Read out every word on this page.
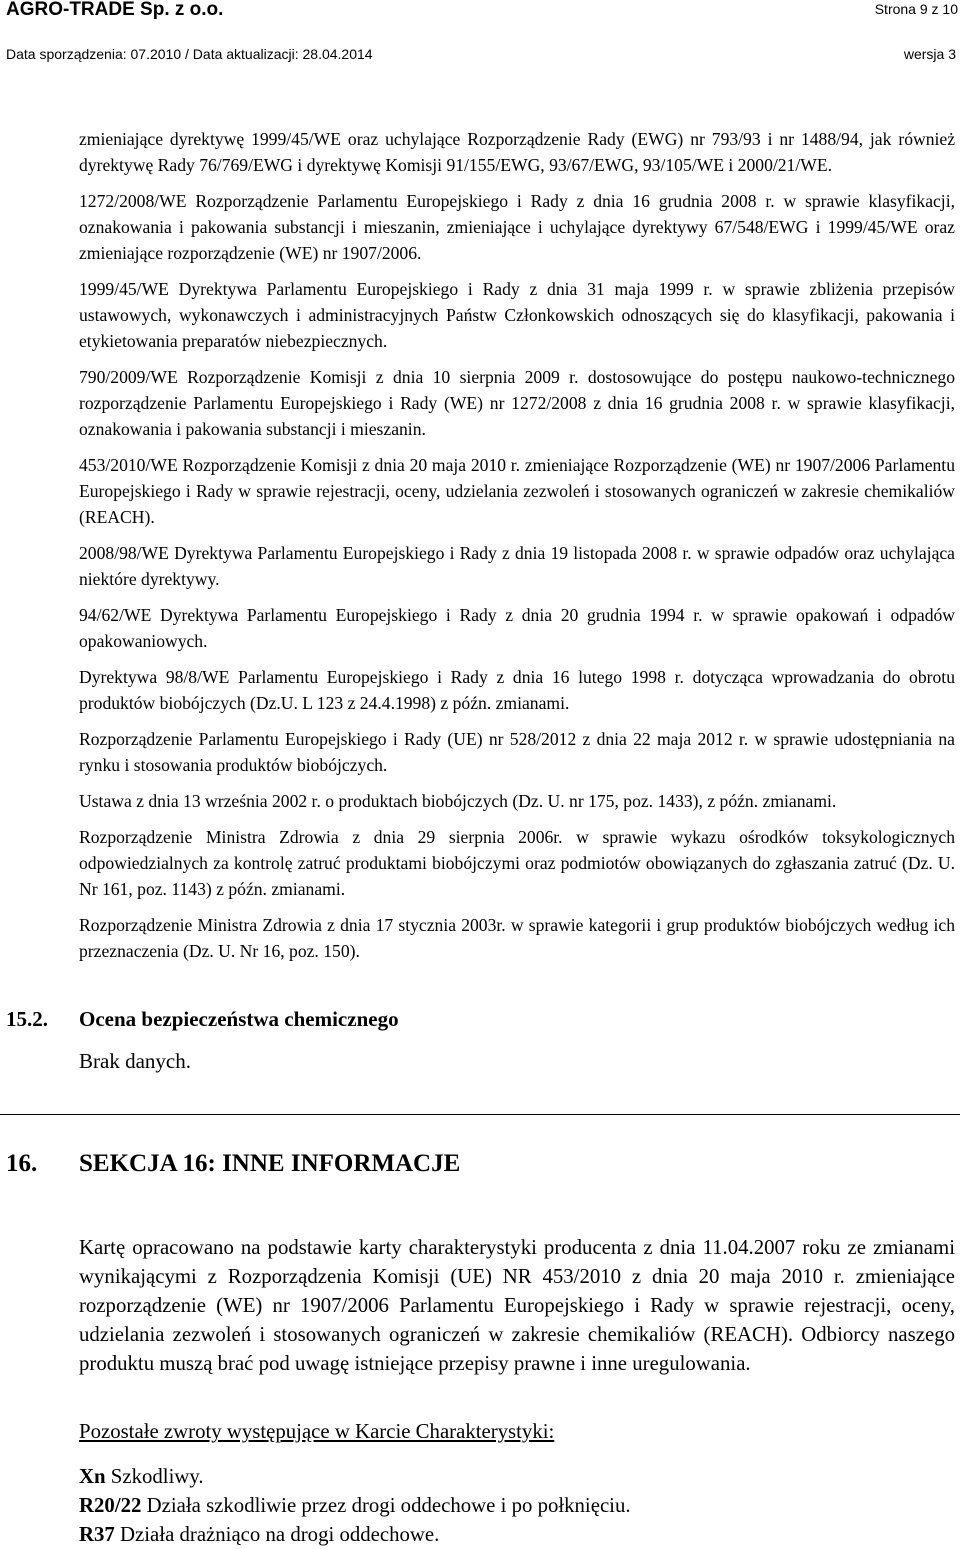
AGRO-TRADE Sp. z o.o.	Strona 9 z 10
Data sporządzenia: 07.2010 / Data aktualizacji: 28.04.2014	wersja 3

zmieniające dyrektywę 1999/45/WE oraz uchylające Rozporządzenie Rady (EWG) nr 793/93 i nr 1488/94, jak również dyrektywę Rady 76/769/EWG i dyrektywę Komisji 91/155/EWG, 93/67/EWG, 93/105/WE i 2000/21/WE.

1272/2008/WE Rozporządzenie Parlamentu Europejskiego i Rady z dnia 16 grudnia 2008 r. w sprawie klasyfikacji, oznakowania i pakowania substancji i mieszanin, zmieniające i uchylające dyrektywy 67/548/EWG i 1999/45/WE oraz zmieniające rozporządzenie (WE) nr 1907/2006.

1999/45/WE Dyrektywa Parlamentu Europejskiego i Rady z dnia 31 maja 1999 r. w sprawie zbliżenia przepisów ustawowych, wykonawczych i administracyjnych Państw Członkowskich odnoszących się do klasyfikacji, pakowania i etykietowania preparatów niebezpiecznych.

790/2009/WE Rozporządzenie Komisji z dnia 10 sierpnia 2009 r. dostosowujące do postępu naukowo-technicznego rozporządzenie Parlamentu Europejskiego i Rady (WE) nr 1272/2008 z dnia 16 grudnia 2008 r. w sprawie klasyfikacji, oznakowania i pakowania substancji i mieszanin.

453/2010/WE Rozporządzenie Komisji z dnia 20 maja 2010 r. zmieniające Rozporządzenie (WE) nr 1907/2006 Parlamentu Europejskiego i Rady w sprawie rejestracji, oceny, udzielania zezwoleń i stosowanych ograniczeń w zakresie chemikaliów (REACH).

2008/98/WE Dyrektywa Parlamentu Europejskiego i Rady z dnia 19 listopada 2008 r. w sprawie odpadów oraz uchylająca niektóre dyrektywy.

94/62/WE Dyrektywa Parlamentu Europejskiego i Rady z dnia 20 grudnia 1994 r. w sprawie opakowań i odpadów opakowaniowych.

Dyrektywa 98/8/WE Parlamentu Europejskiego i Rady z dnia 16 lutego 1998 r. dotycząca wprowadzania do obrotu produktów biobójczych (Dz.U. L 123 z 24.4.1998) z późn. zmianami.

Rozporządzenie Parlamentu Europejskiego i Rady (UE) nr 528/2012 z dnia 22 maja 2012 r. w sprawie udostępniania na rynku i stosowania produktów biobójczych.

Ustawa z dnia 13 września 2002 r. o produktach biobójczych (Dz. U. nr 175, poz. 1433), z późn. zmianami.

Rozporządzenie Ministra Zdrowia z dnia 29 sierpnia 2006r. w sprawie wykazu ośrodków toksykologicznych odpowiedzialnych za kontrolę zatruć produktami biobójczymi oraz podmiotów obowiązanych do zgłaszania zatruć (Dz. U. Nr 161, poz. 1143) z późn. zmianami.

Rozporządzenie Ministra Zdrowia z dnia 17 stycznia 2003r. w sprawie kategorii i grup produktów biobójczych według ich przeznaczenia (Dz. U. Nr 16, poz. 150).

15.2. Ocena bezpieczeństwa chemicznego
Brak danych.
16. SEKCJA 16: INNE INFORMACJE
Kartę opracowano na podstawie karty charakterystyki producenta z dnia 11.04.2007 roku ze zmianami wynikającymi z Rozporządzenia Komisji (UE) NR 453/2010 z dnia 20 maja 2010 r. zmieniające rozporządzenie (WE) nr 1907/2006 Parlamentu Europejskiego i Rady w sprawie rejestracji, oceny, udzielania zezwoleń i stosowanych ograniczeń w zakresie chemikaliów (REACH). Odbiorcy naszego produktu muszą brać pod uwagę istniejące przepisy prawne i inne uregulowania.
Pozostałe zwroty występujące w Karcie Charakterystyki:
Xn Szkodliwy.
R20/22 Działa szkodliwie przez drogi oddechowe i po połknięciu.
R37 Działa drażniąco na drogi oddechowe.
